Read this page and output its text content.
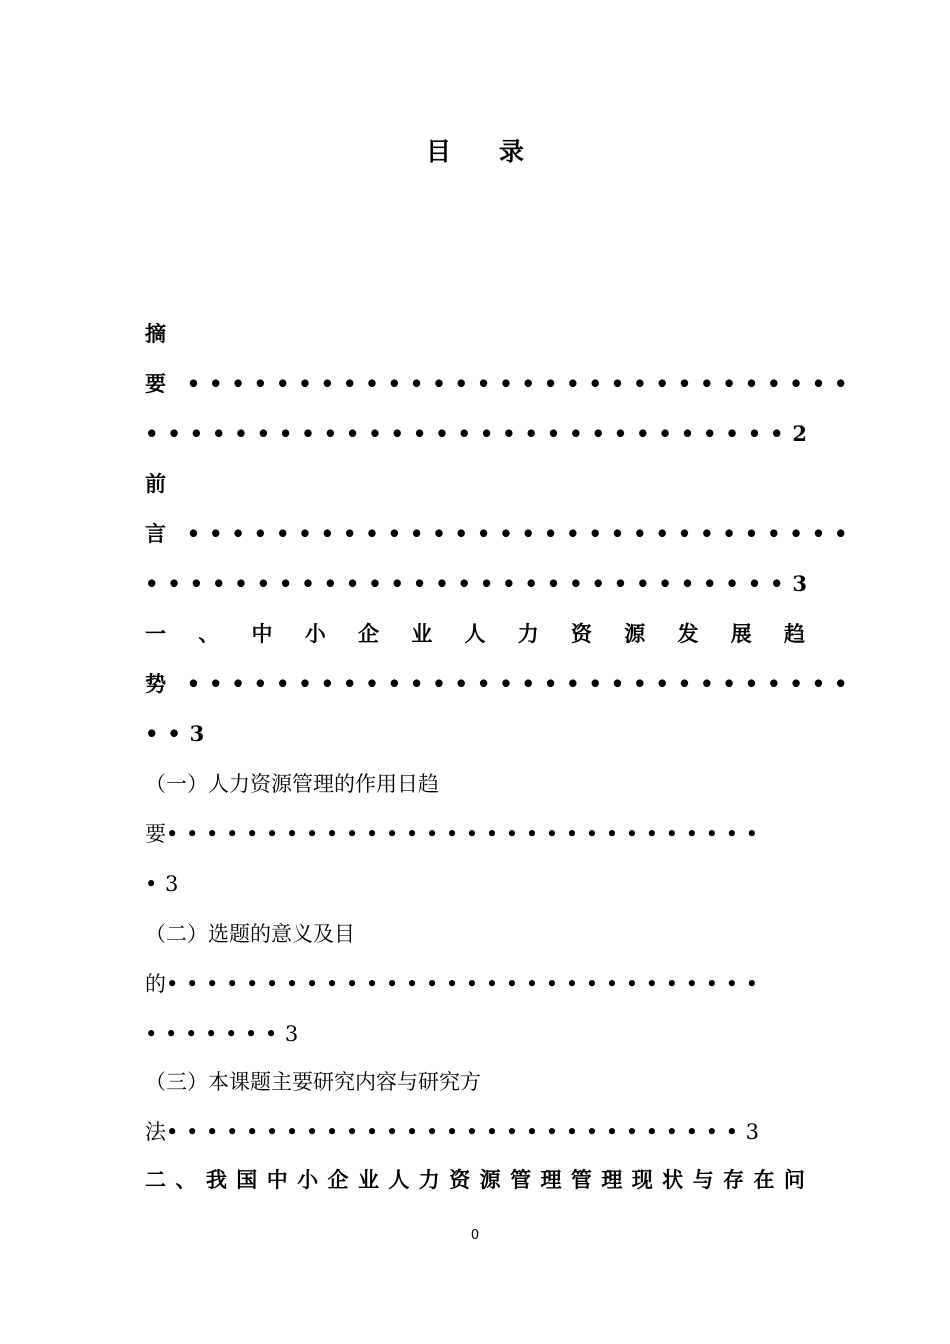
目录
摘
要 ••••••••••••••••••••••••••••••
•••••••••••••••••••••••••••••2
前
言 ••••••••••••••••••••••••••••••
•••••••••••••••••••••••••••••3
一 、 中 小 企 业 人 力 资 源 发 展 趋
势 ••••••••••••••••••••••••••••••
••3
（一）人力资源管理的作用日趋
要••••••••••••••••••••••••••••••
•3
（二）选题的意义及目
的••••••••••••••••••••••••••••••
•••••••3
（三）本课题主要研究内容与研究方
法•••••••••••••••••••••••••••••3
二 、 我 国 中 小 企 业 人 力 资 源 管 理 管 理 现 状 与 存 在 问
0
